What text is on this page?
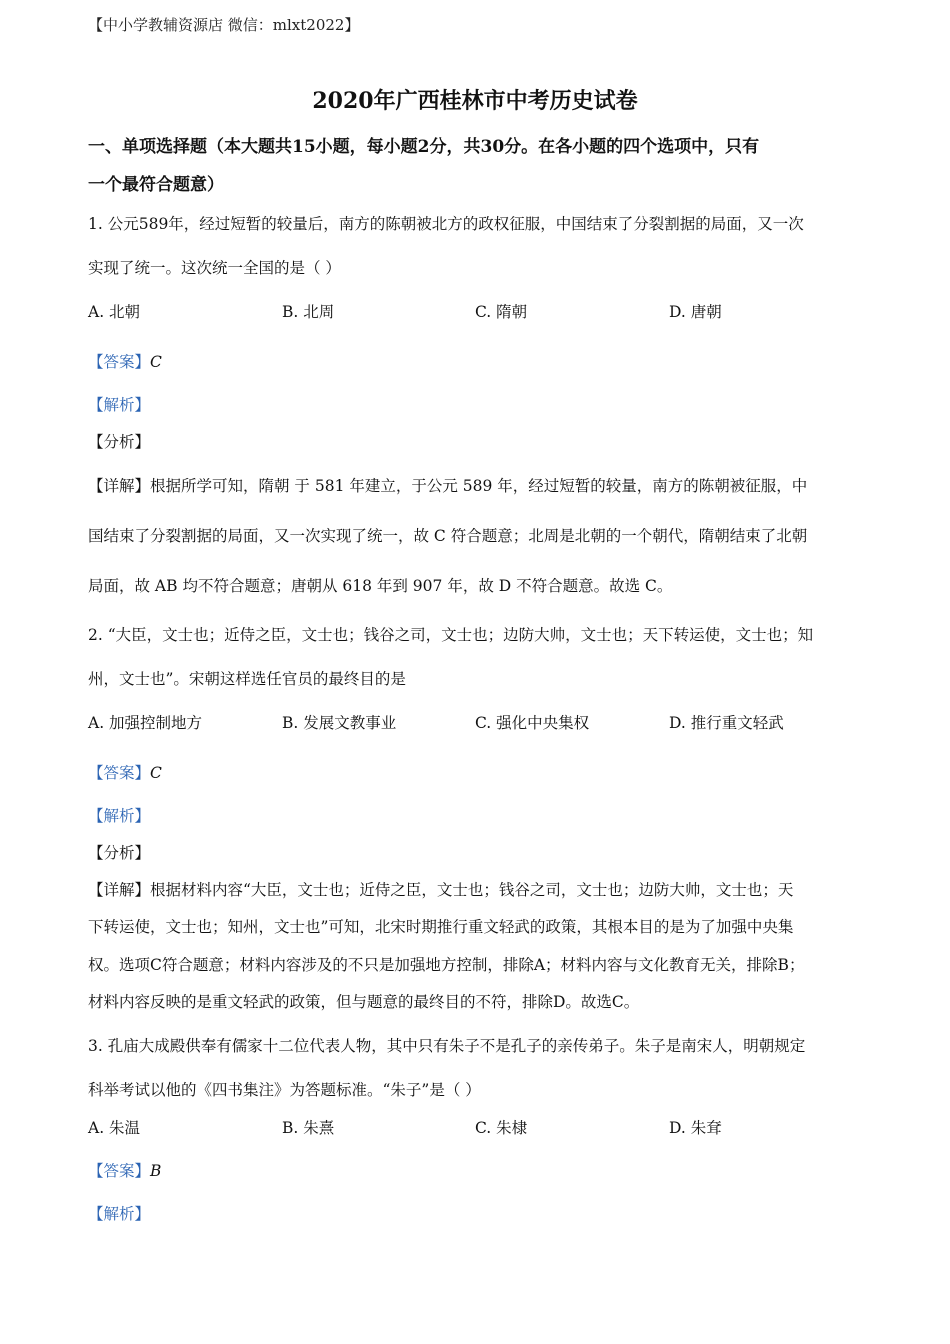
【中小学教辅资源店 微信：mlxt2022】
2020年广西桂林市中考历史试卷
一、单项选择题（本大题共15小题，每小题2分，共30分。在各小题的四个选项中，只有
一个最符合题意）
1. 公元589年，经过短暂的较量后，南方的陈朝被北方的政权征服，中国结束了分裂割据的局面，又一次
实现了统一。这次统一全国的是（ ）
A. 北朝	B. 北周	C. 隋朝	D. 唐朝
【答案】C
【解析】
【分析】
【详解】根据所学可知，隋朝 于 581 年建立，于公元 589 年，经过短暂的较量，南方的陈朝被征服，中
国结束了分裂割据的局面，又一次实现了统一，故 C 符合题意；北周是北朝的一个朝代，隋朝结束了北朝
局面，故 AB 均不符合题意；唐朝从 618 年到 907 年，故 D 不符合题意。故选 C。
2. “大臣，文士也；近侍之臣，文士也；钱谷之司，文士也；边防大帅，文士也；天下转运使，文士也；知
州，文士也”。宋朝这样选任官员的最终目的是
A. 加强控制地方	B. 发展文教事业	C. 强化中央集权	D. 推行重文轻武
【答案】C
【解析】
【分析】
【详解】根据材料内容“大臣，文士也；近侍之臣，文士也；钱谷之司，文士也；边防大帅，文士也；天
下转运使，文士也；知州，文士也”可知，北宋时期推行重文轻武的政策，其根本目的是为了加强中央集
权。选项C符合题意；材料内容涉及的不只是加强地方控制，排除A；材料内容与文化教育无关，排除B；
材料内容反映的是重文轻武的政策，但与题意的最终目的不符，排除D。故选C。
3. 孔庙大成殿供奉有儒家十二位代表人物，其中只有朱子不是孔子的亲传弟子。朱子是南宋人，明朝规定
科举考试以他的《四书集注》为答题标准。“朱子”是（ ）
A. 朱温	B. 朱熹	C. 朱棣	D. 朱耷
【答案】B
【解析】
